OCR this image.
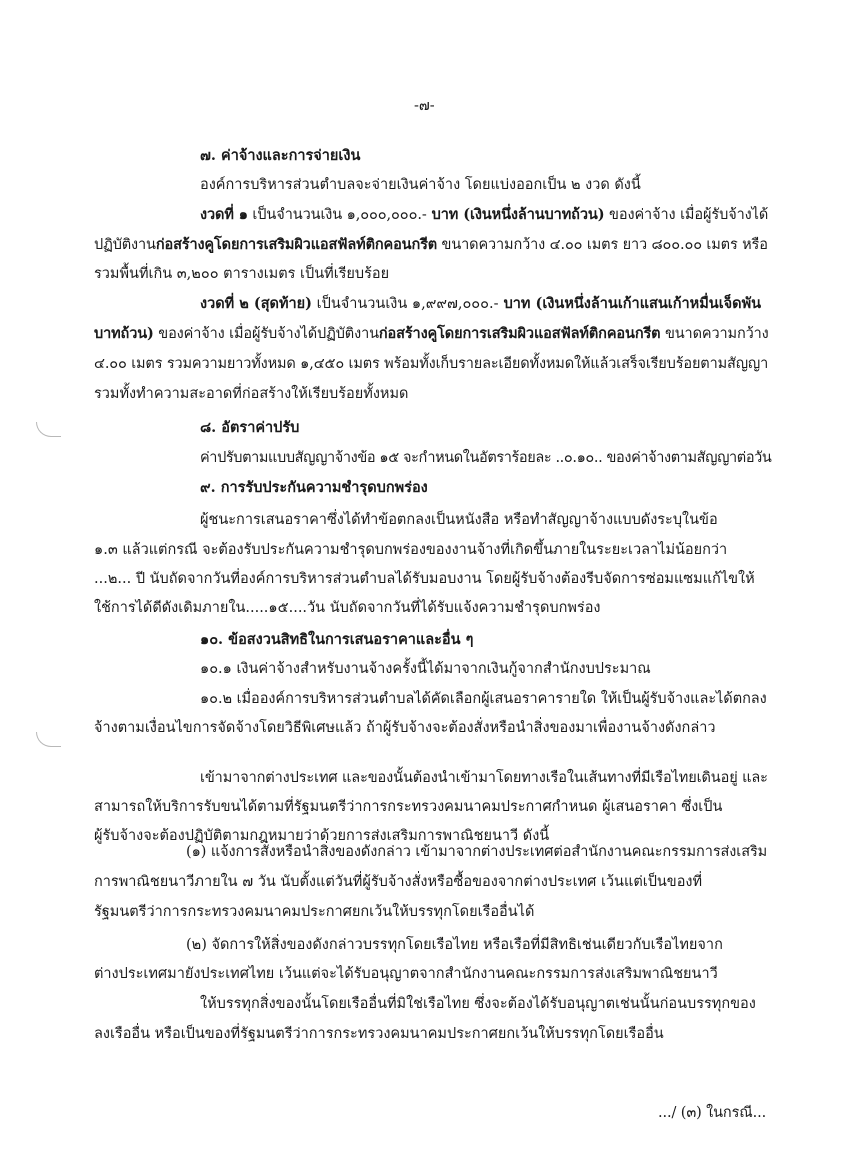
-๗-
๗. ค่าจ้างและการจ่ายเงิน
องค์การบริหารส่วนตำบลจะจ่ายเงินค่าจ้าง โดยแบ่งออกเป็น ๒ งวด ดังนี้
งวดที่ ๑ เป็นจำนวนเงิน ๑,๐๐๐,๐๐๐.- บาท (เงินหนึ่งล้านบาทถ้วน) ของค่าจ้าง เมื่อผู้รับจ้างได้
ปฏิบัติงานก่อสร้างคูโดยการเสริมผิวแอสฟัลท์ติกคอนกรีต ขนาดความกว้าง ๔.๐๐ เมตร ยาว ๘๐๐.๐๐ เมตร หรือ
รวมพื้นที่เกิน ๓,๒๐๐ ตารางเมตร เป็นที่เรียบร้อย
งวดที่ ๒ (สุดท้าย) เป็นจำนวนเงิน ๑,๙๙๗,๐๐๐.- บาท (เงินหนึ่งล้านเก้าแสนเก้าหมื่นเจ็ดพัน
บาทถ้วน) ของค่าจ้าง เมื่อผู้รับจ้างได้ปฏิบัติงานก่อสร้างคูโดยการเสริมผิวแอสฟัลท์ติกคอนกรีต ขนาดความกว้าง
๔.๐๐ เมตร รวมความยาวทั้งหมด ๑,๔๕๐ เมตร พร้อมทั้งเก็บรายละเอียดทั้งหมดให้แล้วเสร็จเรียบร้อยตามสัญญา
รวมทั้งทำความสะอาดที่ก่อสร้างให้เรียบร้อยทั้งหมด
๘. อัตราค่าปรับ
ค่าปรับตามแบบสัญญาจ้างข้อ ๑๕ จะกำหนดในอัตราร้อยละ ..๐.๑๐.. ของค่าจ้างตามสัญญาต่อวัน
๙. การรับประกันความชำรุดบกพร่อง
ผู้ชนะการเสนอราคาซึ่งได้ทำข้อตกลงเป็นหนังสือ หรือทำสัญญาจ้างแบบดังระบุในข้อ
๑.๓ แล้วแต่กรณี จะต้องรับประกันความชำรุดบกพร่องของงานจ้างที่เกิดขึ้นภายในระยะเวลาไม่น้อยกว่า
...๒... ปี นับถัดจากวันที่องค์การบริหารส่วนตำบลได้รับมอบงาน โดยผู้รับจ้างต้องรีบจัดการซ่อมแซมแก้ไขให้
ใช้การได้ดีดังเดิมภายใน.....๑๕....วัน นับถัดจากวันที่ได้รับแจ้งความชำรุดบกพร่อง
๑๐. ข้อสงวนสิทธิในการเสนอราคาและอื่น ๆ
๑๐.๑ เงินค่าจ้างสำหรับงานจ้างครั้งนี้ได้มาจากเงินกู้จากสำนักงบประมาณ
๑๐.๒ เมื่อองค์การบริหารส่วนตำบลได้คัดเลือกผู้เสนอราคารายใด ให้เป็นผู้รับจ้างและได้ตกลง
จ้างตามเงื่อนไขการจัดจ้างโดยวิธีพิเศษแล้ว ถ้าผู้รับจ้างจะต้องสั่งหรือนำสิ่งของมาเพื่องานจ้างดังกล่าว
เข้ามาจากต่างประเทศ และของนั้นต้องนำเข้ามาโดยทางเรือในเส้นทางที่มีเรือไทยเดินอยู่ และ
สามารถให้บริการรับขนได้ตามที่รัฐมนตรีว่าการกระทรวงคมนาคมประกาศกำหนด ผู้เสนอราคา ซึ่งเป็น
ผู้รับจ้างจะต้องปฏิบัติตามกฎหมายว่าด้วยการส่งเสริมการพาณิชยนาวี ดังนี้
(๑) แจ้งการสั่งหรือนำสิ่งของดังกล่าว เข้ามาจากต่างประเทศต่อสำนักงานคณะกรรมการส่งเสริม
การพาณิชยนาวีภายใน ๗ วัน นับตั้งแต่วันที่ผู้รับจ้างสั่งหรือซื้อของจากต่างประเทศ เว้นแต่เป็นของที่
รัฐมนตรีว่าการกระทรวงคมนาคมประกาศยกเว้นให้บรรทุกโดยเรืออื่นได้
(๒) จัดการให้สิ่งของดังกล่าวบรรทุกโดยเรือไทย หรือเรือที่มีสิทธิเช่นเดียวกับเรือไทยจาก
ต่างประเทศมายังประเทศไทย เว้นแต่จะได้รับอนุญาตจากสำนักงานคณะกรรมการส่งเสริมพาณิชยนาวี
ให้บรรทุกสิ่งของนั้นโดยเรืออื่นที่มิใช่เรือไทย ซึ่งจะต้องได้รับอนุญาตเช่นนั้นก่อนบรรทุกของ
ลงเรืออื่น หรือเป็นของที่รัฐมนตรีว่าการกระทรวงคมนาคมประกาศยกเว้นให้บรรทุกโดยเรืออื่น
.../ (๓) ในกรณี...
